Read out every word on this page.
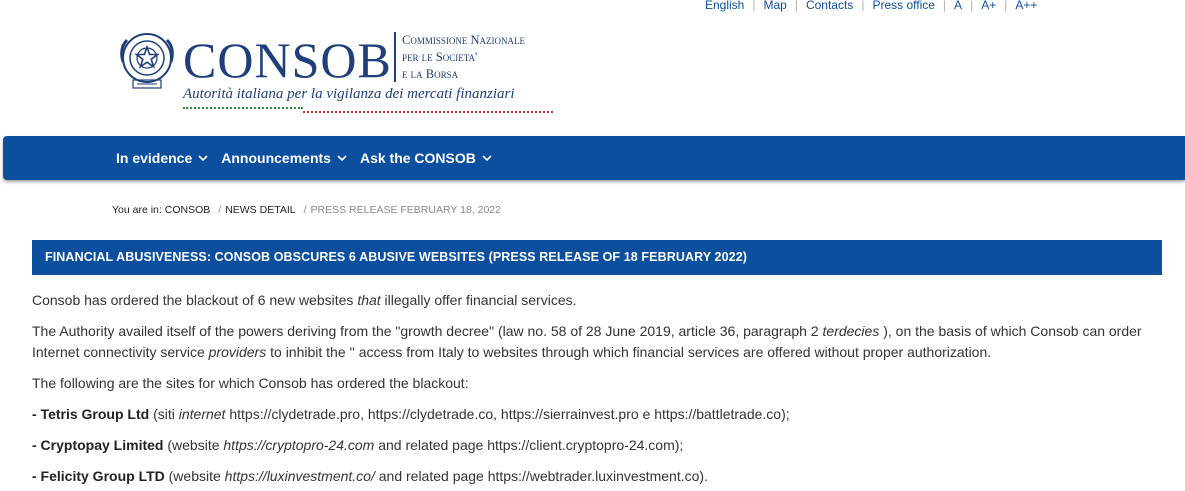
English | Map | Contacts | Press office | A | A+ | A++
CONSOB Commissione Nazionale
per le Societa'
e la Borsa
Autorità italiana per la vigilanza dei mercati finanziari
In evidence Announcements Ask the CONSOB
You are in:
CONSOB / NEWS DETAIL / PRESS RELEASE FEBRUARY 18, 2022
FINANCIAL ABUSIVENESS: CONSOB OBSCURES 6 ABUSIVE WEBSITES (PRESS RELEASE OF 18 FEBRUARY 2022)

Consob has ordered the blackout of 6 new websites that illegally offer financial services.

The Authority availed itself of the powers deriving from the "growth decree" (law no. 58 of 28 June 2019, article 36, paragraph 2 terdecies ), on the basis of which Consob can order Internet connectivity service providers to inhibit the '' access from Italy to websites through which financial services are offered without proper authorization.

The following are the sites for which Consob has ordered the blackout:

- Tetris Group Ltd (siti internet https://clydetrade.pro, https://clydetrade.co, https://sierrainvest.pro e https://battletrade.co);

- Cryptopay Limited (website https://cryptopro-24.com and related page https://client.cryptopro-24.com);

- Felicity Group LTD (website https://luxinvestment.co/ and related page https://webtrader.luxinvestment.co).
